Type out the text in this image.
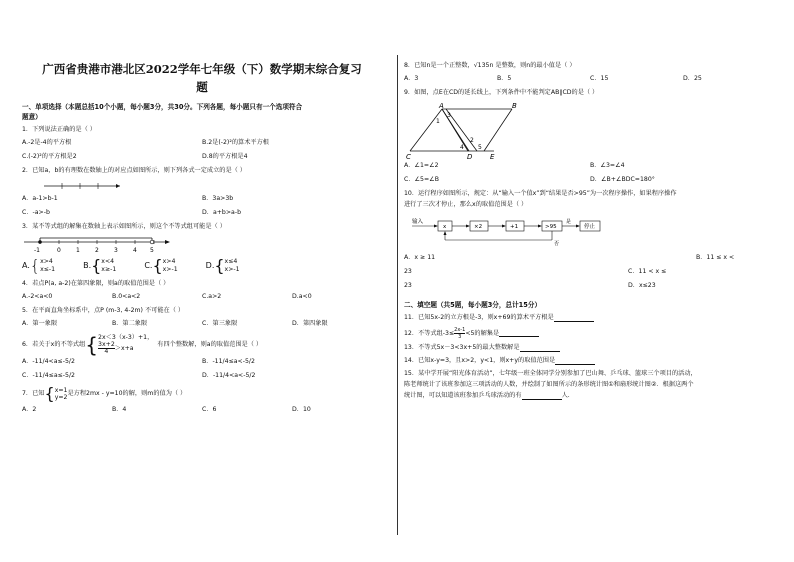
广西省贵港市港北区2022学年七年级（下）数学期末综合复习
题
一、单项选择（本题总括10个小题，每小题3分，共30分。下列各题，每小题只有一个选项符合
题意）
1．下列说法正确的是（ ）
A.-2是-4的平方根	B.2是(-2)²的算术平方根
C.(-2)²的平方根是2	D.8的平方根是4
2．已知a，b的有理数在数轴上的对应点如图所示，则下列各式一定成立的是（ ）
A．a-1>b-1	B．3a>3b
C．-a>-b	D．a+b>a-b
3．某不等式组的解集在数轴上表示如图所示，则这个不等式组可能是（ ）
-1	0	1	2	3	4 5
A. { x>4
x≤-1	B. { x<4
x≥-1	C. { x>4
x>-1	D. { x≤4
x>-1
4．若点P(a, a-2)在第四象限，则a的取值范围是（ ）
A.-2<a<0	B.0<a<2	C.a>2	D.a<0
5．在平面直角坐标系中，点P (m-3, 4-2m) 不可能在（ ）
A．第一象限	B．第二象限	C．第三象限	D．第四象限
6．若关于x的不等式组 { 2x＜3（x-3）+1，
$\frac{3x+2}{4} >x+a$
有四个整数解，则a的取值范围是（ ）
A．-11/4<a≤-5/2	B．-11/4≤a<-5/2
C．-11/4≤a≤-5/2	D．-11/4<a<-5/2
7．已知 { x=1
y=2
是方程2mx - y=10的解，则m的值为（ ）
A．2	B．4	C．6	D．10
8．已知n是一个正整数，√135n 是整数，则n的最小值是（ ）
A．3	B．5	C．15	D．25
9．如图，点E在CD的延长线上，下列条件中不能判定AB∥CD的是（ ）
A	B
C	D	E
1
2
3
4 5
A．∠1=∠2	B．∠3=∠4
C．∠5=∠B	D．∠B+∠BDC=180°
10．运行程序如图所示，规定：从“输入一个值x”到“结果是否>95”为一次程序操作，如果程序操作
进行了三次才停止，那么x的取值范围是（ ）
输入
x	×2	+1	>95
是
停止
否
A．x ≥ 11	B．11 ≤ x <
23	C．11 < x ≤
23	D．x≤23
二、填空题（共5题，每小题3分，总计15分）
11．已知5x-2的立方根是-3，则x+69的算术平方根是
12．不等式组$-3\le \frac{2x-1}{3} <5$的解集是
13．不等式5x－3<3x+5的最大整数解是
14．已知x-y=3，且x>2，y<1，则x+y的取值范围是
15．某中学开展“阳光体育活动”，七年级一班全体同学分别参加了巴山舞、乒乓球、篮球三个项目的活动，
陈老师统计了该班参加这三项活动的人数，并绘制了如图所示的条形统计图①和扇形统计图②．根据这两个
统计图，可以知道该班参加乒乓球活动的有	人.
